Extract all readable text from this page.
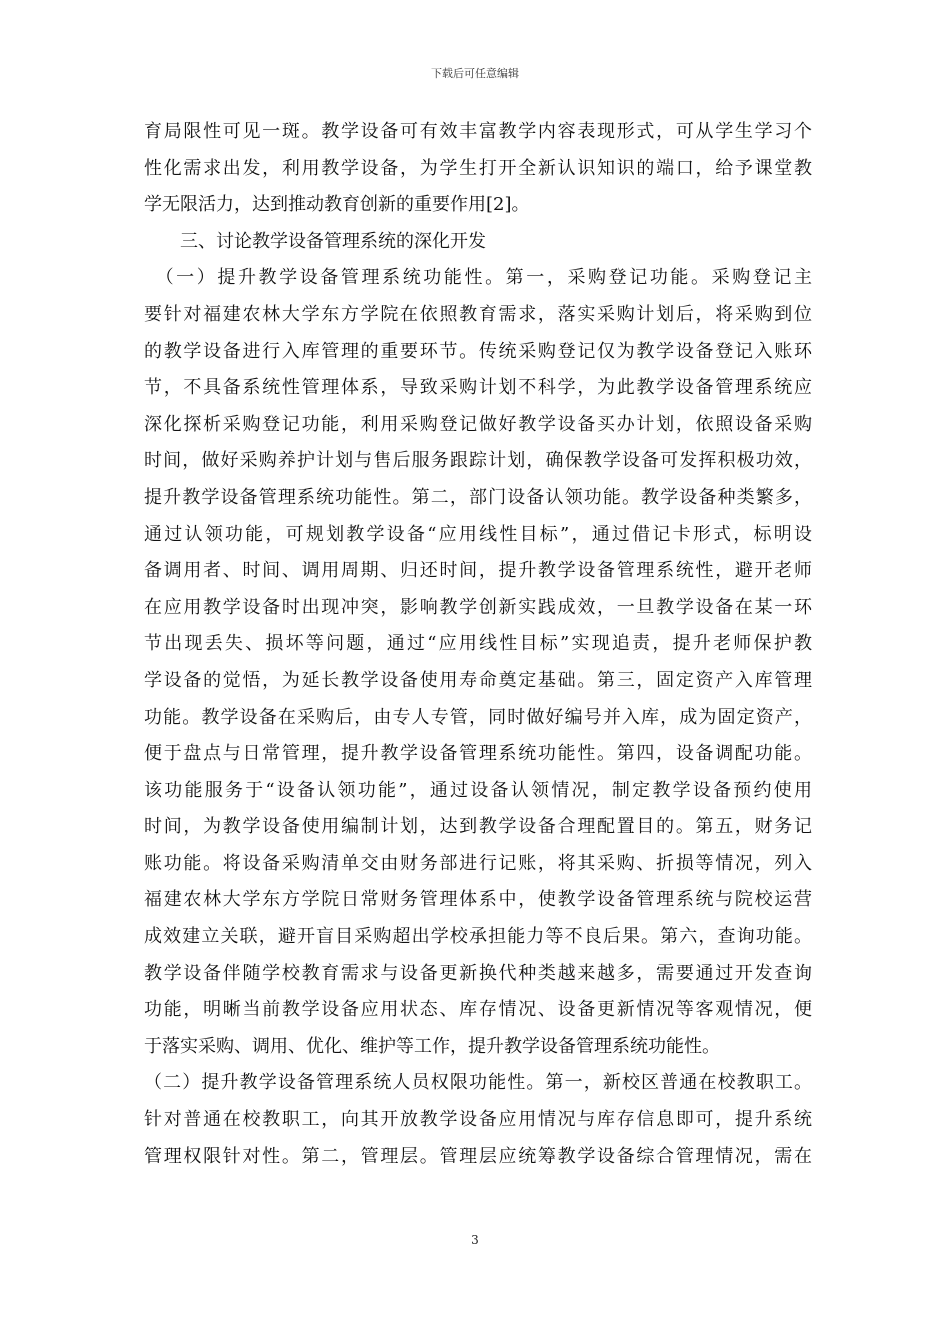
下载后可任意编辑
育局限性可见一斑。教学设备可有效丰富教学内容表现形式，可从学生学习个
性化需求出发，利用教学设备，为学生打开全新认识知识的端口，给予课堂教
学无限活力，达到推动教育创新的重要作用[2]。
　　三、讨论教学设备管理系统的深化开发
　（一）提升教学设备管理系统功能性。第一，采购登记功能。采购登记主
要针对福建农林大学东方学院在依照教育需求，落实采购计划后，将采购到位
的教学设备进行入库管理的重要环节。传统采购登记仅为教学设备登记入账环
节，不具备系统性管理体系，导致采购计划不科学，为此教学设备管理系统应
深化探析采购登记功能，利用采购登记做好教学设备买办计划，依照设备采购
时间，做好采购养护计划与售后服务跟踪计划，确保教学设备可发挥积极功效，
提升教学设备管理系统功能性。第二，部门设备认领功能。教学设备种类繁多，
通过认领功能，可规划教学设备“应用线性目标”，通过借记卡形式，标明设
备调用者、时间、调用周期、归还时间，提升教学设备管理系统性，避开老师
在应用教学设备时出现冲突，影响教学创新实践成效，一旦教学设备在某一环
节出现丢失、损坏等问题，通过“应用线性目标”实现追责，提升老师保护教
学设备的觉悟，为延长教学设备使用寿命奠定基础。第三，固定资产入库管理
功能。教学设备在采购后，由专人专管，同时做好编号并入库，成为固定资产，
便于盘点与日常管理，提升教学设备管理系统功能性。第四，设备调配功能。
该功能服务于“设备认领功能”，通过设备认领情况，制定教学设备预约使用
时间，为教学设备使用编制计划，达到教学设备合理配置目的。第五，财务记
账功能。将设备采购清单交由财务部进行记账，将其采购、折损等情况，列入
福建农林大学东方学院日常财务管理体系中，使教学设备管理系统与院校运营
成效建立关联，避开盲目采购超出学校承担能力等不良后果。第六，查询功能。
教学设备伴随学校教育需求与设备更新换代种类越来越多，需要通过开发查询
功能，明晰当前教学设备应用状态、库存情况、设备更新情况等客观情况，便
于落实采购、调用、优化、维护等工作，提升教学设备管理系统功能性。
（二）提升教学设备管理系统人员权限功能性。第一，新校区普通在校教职工。
针对普通在校教职工，向其开放教学设备应用情况与库存信息即可，提升系统
管理权限针对性。第二，管理层。管理层应统筹教学设备综合管理情况，需在
3
